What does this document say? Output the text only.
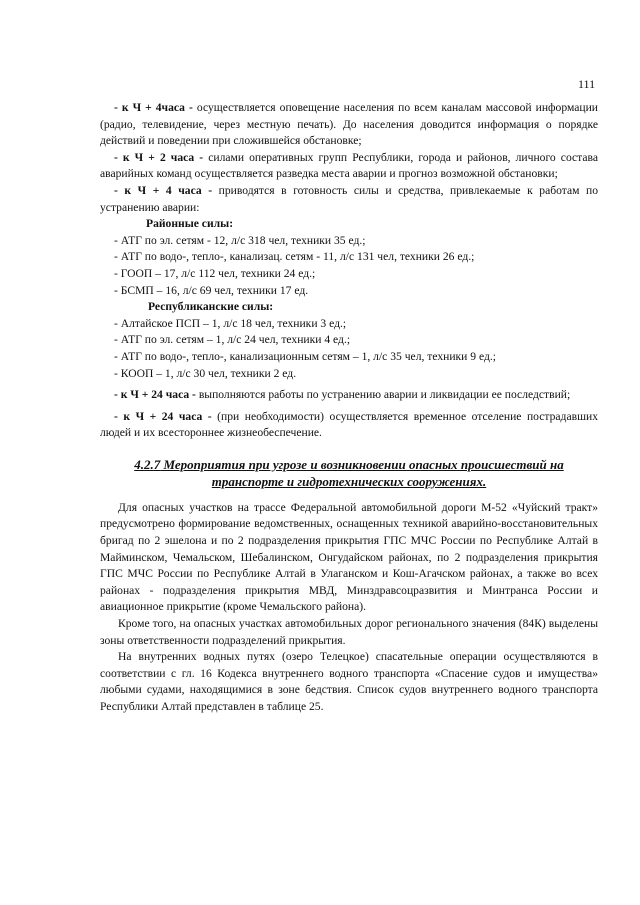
111

- к Ч + 4часа - осуществляется оповещение населения по всем каналам массовой информации (радио, телевидение, через местную печать). До населения доводится информация о порядке действий и поведении при сложившейся обстановке;

- к Ч + 2 часа - силами оперативных групп Республики, города и районов, личного состава аварийных команд осуществляется разведка места аварии и прогноз возможной обстановки;

- к Ч + 4 часа - приводятся в готовность силы и средства, привлекаемые к работам по устранению аварии:

Районные силы:

- АТГ по эл. сетям - 12, л/с 318 чел, техники 35 ед.;

- АТГ по водо-, тепло-, канализац. сетям - 11, л/с 131 чел, техники 26 ед.;

- ГООП – 17, л/с 112 чел, техники 24 ед.;

- БСМП – 16, л/с 69 чел, техники 17 ед.

Республиканские силы:

- Алтайское ПСП – 1, л/с 18 чел, техники 3 ед.;

- АТГ по эл. сетям – 1, л/с 24 чел, техники 4 ед.;

- АТГ по водо-, тепло-, канализационным сетям – 1, л/с 35 чел, техники 9 ед.;

- КООП – 1, л/с 30 чел, техники 2 ед.

- к Ч + 24 часа - выполняются работы по устранению аварии и ликвидации ее последствий;

- к Ч + 24 часа - (при необходимости) осуществляется временное отселение пострадавших людей и их всестороннее жизнеобеспечение.

4.2.7 Мероприятия при угрозе и возникновении опасных происшествий на
транспорте и гидротехнических сооружениях.

Для опасных участков на трассе Федеральной автомобильной дороги М-52 «Чуйский тракт» предусмотрено формирование ведомственных, оснащенных техникой аварийно-восстановительных бригад по 2 эшелона и по 2 подразделения прикрытия ГПС МЧС России по Республике Алтай в Майминском, Чемальском, Шебалинском, Онгудайском районах, по 2 подразделения прикрытия ГПС МЧС России по Республике Алтай в Улаганском и Кош-Агачском районах, а также во всех районах - подразделения прикрытия МВД, Минздравсоцразвития и Минтранса России и авиационное прикрытие (кроме Чемальского района).

Кроме того, на опасных участках автомобильных дорог регионального значения (84К) выделены зоны ответственности подразделений прикрытия.

На внутренних водных путях (озеро Телецкое) спасательные операции осуществляются в соответствии с гл. 16 Кодекса внутреннего водного транспорта «Спасение судов и имущества» любыми судами, находящимися в зоне бедствия. Список судов внутреннего водного транспорта Республики Алтай представлен в таблице 25.
